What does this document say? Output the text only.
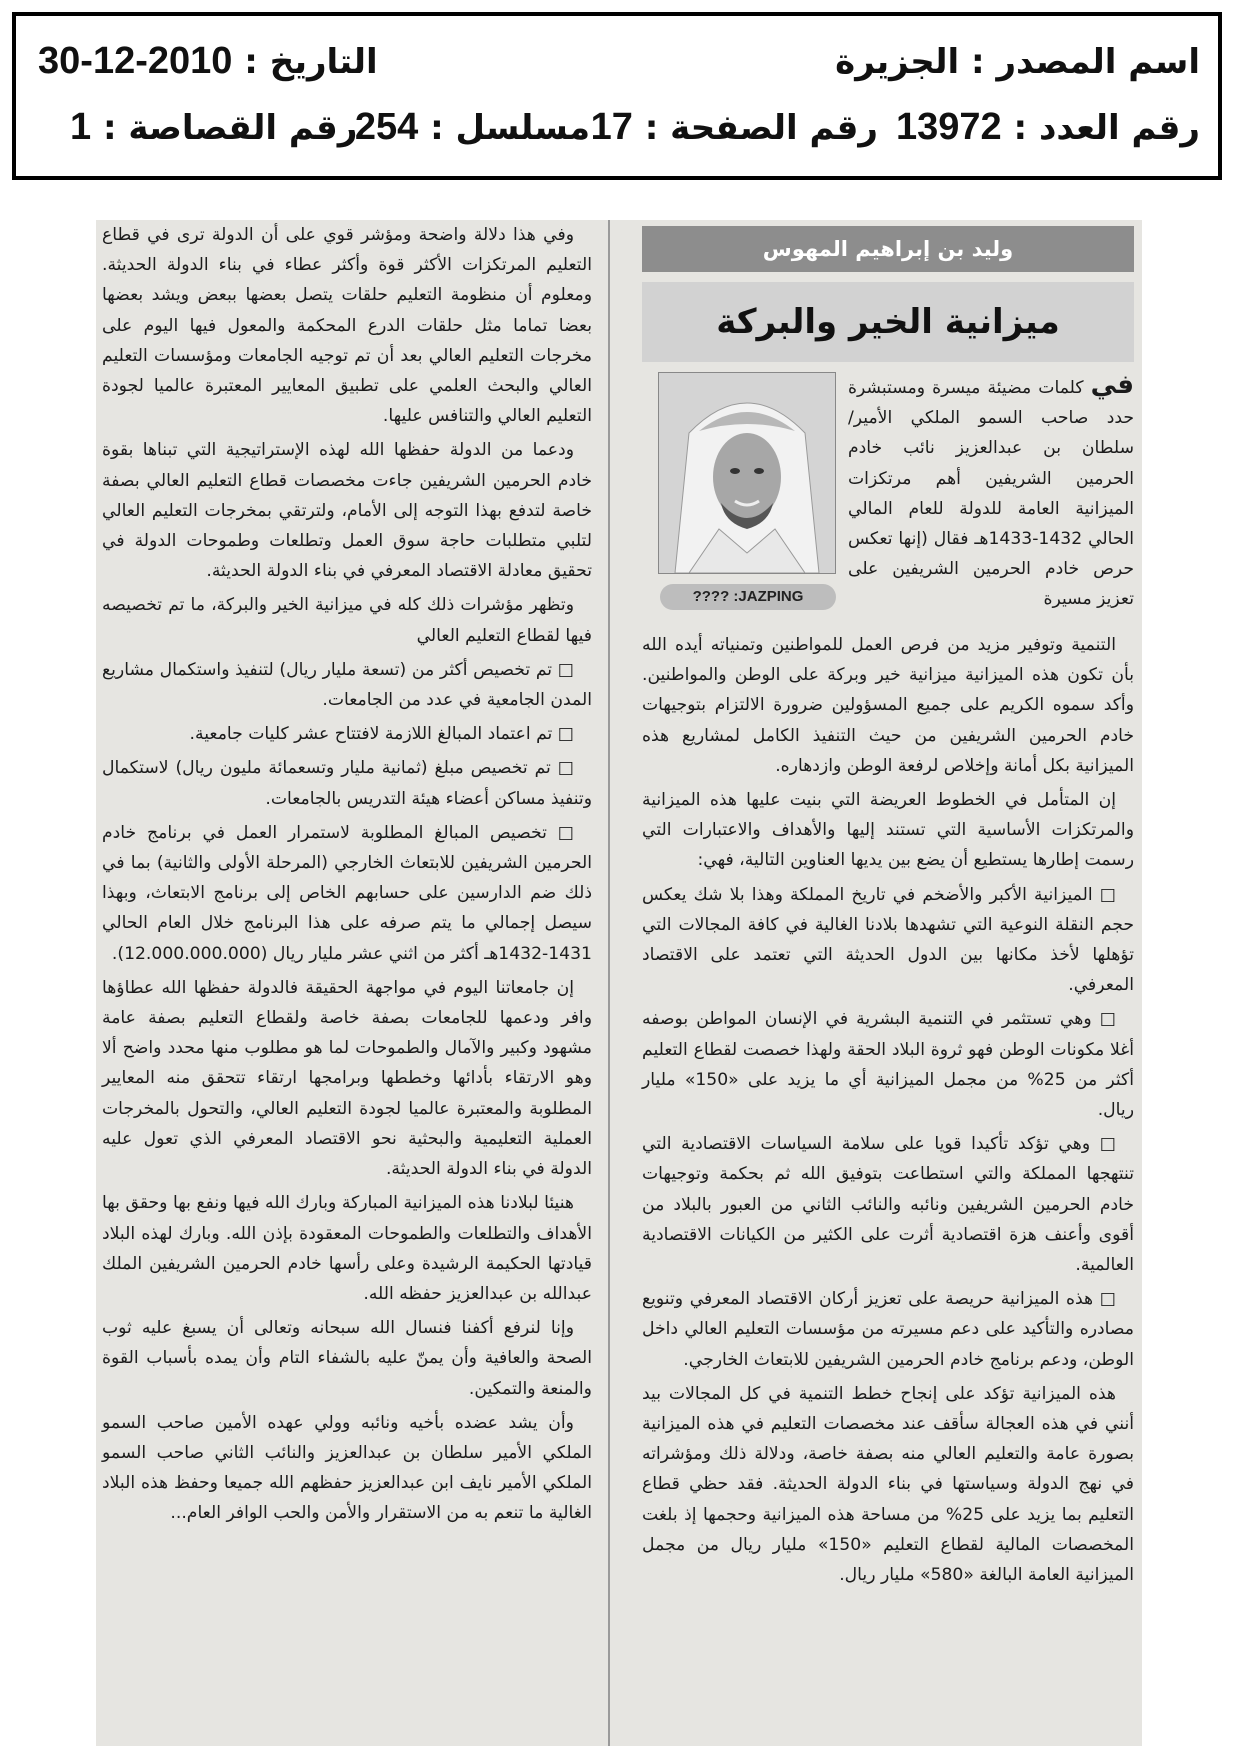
اسم المصدر : الجزيرة
التاريخ : 2010-12-30
رقم العدد : 13972
رقم الصفحة : 17
مسلسل : 254
رقم القصاصة : 1

وفي هذا دلالة واضحة ومؤشر قوي على أن الدولة ترى في قطاع التعليم المرتكزات الأكثر قوة وأكثر عطاء في بناء الدولة الحديثة. ومعلوم أن منظومة التعليم حلقات يتصل بعضها ببعض ويشد بعضها بعضا تماما مثل حلقات الدرع المحكمة والمعول فيها اليوم على مخرجات التعليم العالي بعد أن تم توجيه الجامعات ومؤسسات التعليم العالي والبحث العلمي على تطبيق المعايير المعتبرة عالميا لجودة التعليم العالي والتنافس عليها.

ودعما من الدولة حفظها الله لهذه الإستراتيجية التي تبناها بقوة خادم الحرمين الشريفين جاءت مخصصات قطاع التعليم العالي بصفة خاصة لتدفع بهذا التوجه إلى الأمام، ولترتقي بمخرجات التعليم العالي لتلبي متطلبات حاجة سوق العمل وتطلعات وطموحات الدولة في تحقيق معادلة الاقتصاد المعرفي في بناء الدولة الحديثة.

وتظهر مؤشرات ذلك كله في ميزانية الخير والبركة، ما تم تخصيصه فيها لقطاع التعليم العالي

□ تم تخصيص أكثر من (تسعة مليار ريال) لتنفيذ واستكمال مشاريع المدن الجامعية في عدد من الجامعات.

□ تم اعتماد المبالغ اللازمة لافتتاح عشر كليات جامعية.

□ تم تخصيص مبلغ (ثمانية مليار وتسعمائة مليون ريال) لاستكمال وتنفيذ مساكن أعضاء هيئة التدريس بالجامعات.

□ تخصيص المبالغ المطلوبة لاستمرار العمل في برنامج خادم الحرمين الشريفين للابتعاث الخارجي (المرحلة الأولى والثانية) بما في ذلك ضم الدارسين على حسابهم الخاص إلى برنامج الابتعاث، وبهذا سيصل إجمالي ما يتم صرفه على هذا البرنامج خلال العام الحالي 1431-1432هـ أكثر من اثني عشر مليار ريال (12.000.000.000).

إن جامعاتنا اليوم في مواجهة الحقيقة فالدولة حفظها الله عطاؤها وافر ودعمها للجامعات بصفة خاصة ولقطاع التعليم بصفة عامة مشهود وكبير والآمال والطموحات لما هو مطلوب منها محدد واضح ألا وهو الارتقاء بأدائها وخططها وبرامجها ارتقاء تتحقق منه المعايير المطلوبة والمعتبرة عالميا لجودة التعليم العالي، والتحول بالمخرجات العملية التعليمية والبحثية نحو الاقتصاد المعرفي الذي تعول عليه الدولة في بناء الدولة الحديثة.

هنيئا لبلادنا هذه الميزانية المباركة وبارك الله فيها ونفع بها وحقق بها الأهداف والتطلعات والطموحات المعقودة بإذن الله. وبارك لهذه البلاد قيادتها الحكيمة الرشيدة وعلى رأسها خادم الحرمين الشريفين الملك عبدالله بن عبدالعزيز حفظه الله.

وإنا لنرفع أكفنا فنسال الله سبحانه وتعالى أن يسبغ عليه ثوب الصحة والعافية وأن يمنّ عليه بالشفاء التام وأن يمده بأسباب القوة والمنعة والتمكين.

وأن يشد عضده بأخيه ونائبه وولي عهده الأمين صاحب السمو الملكي الأمير سلطان بن عبدالعزيز والنائب الثاني صاحب السمو الملكي الأمير نايف ابن عبدالعزيز حفظهم الله جميعا وحفظ هذه البلاد الغالية ما تنعم به من الاستقرار والأمن والحب الوافر العام...

وليد بن إبراهيم المهوس
ميزانية الخير والبركة
JAZPING: ????

في كلمات مضيئة ميسرة ومستبشرة حدد صاحب السمو الملكي الأمير/ سلطان بن عبدالعزيز نائب خادم الحرمين الشريفين أهم مرتكزات الميزانية العامة للدولة للعام المالي الحالي 1432-1433هـ فقال (إنها تعكس حرص خادم الحرمين الشريفين على تعزيز مسيرة

التنمية وتوفير مزيد من فرص العمل للمواطنين وتمنياته أيده الله بأن تكون هذه الميزانية ميزانية خير وبركة على الوطن والمواطنين. وأكد سموه الكريم على جميع المسؤولين ضرورة الالتزام بتوجيهات خادم الحرمين الشريفين من حيث التنفيذ الكامل لمشاريع هذه الميزانية بكل أمانة وإخلاص لرفعة الوطن وازدهاره.

إن المتأمل في الخطوط العريضة التي بنيت عليها هذه الميزانية والمرتكزات الأساسية التي تستند إليها والأهداف والاعتبارات التي رسمت إطارها يستطيع أن يضع بين يديها العناوين التالية، فهي:

□ الميزانية الأكبر والأضخم في تاريخ المملكة وهذا بلا شك يعكس حجم النقلة النوعية التي تشهدها بلادنا الغالية في كافة المجالات التي تؤهلها لأخذ مكانها بين الدول الحديثة التي تعتمد على الاقتصاد المعرفي.

□ وهي تستثمر في التنمية البشرية في الإنسان المواطن بوصفه أغلا مكونات الوطن فهو ثروة البلاد الحقة ولهذا خصصت لقطاع التعليم أكثر من 25% من مجمل الميزانية أي ما يزيد على «150» مليار ريال.

□ وهي تؤكد تأكيدا قويا على سلامة السياسات الاقتصادية التي تنتهجها المملكة والتي استطاعت بتوفيق الله ثم بحكمة وتوجيهات خادم الحرمين الشريفين ونائبه والنائب الثاني من العبور بالبلاد من أقوى وأعنف هزة اقتصادية أثرت على الكثير من الكيانات الاقتصادية العالمية.

□ هذه الميزانية حريصة على تعزيز أركان الاقتصاد المعرفي وتنويع مصادره والتأكيد على دعم مسيرته من مؤسسات التعليم العالي داخل الوطن، ودعم برنامج خادم الحرمين الشريفين للابتعاث الخارجي.

هذه الميزانية تؤكد على إنجاح خطط التنمية في كل المجالات بيد أنني في هذه العجالة سأقف عند مخصصات التعليم في هذه الميزانية بصورة عامة والتعليم العالي منه بصفة خاصة، ودلالة ذلك ومؤشراته في نهج الدولة وسياستها في بناء الدولة الحديثة. فقد حظي قطاع التعليم بما يزيد على 25% من مساحة هذه الميزانية وحجمها إذ بلغت المخصصات المالية لقطاع التعليم «150» مليار ريال من مجمل الميزانية العامة البالغة «580» مليار ريال.
